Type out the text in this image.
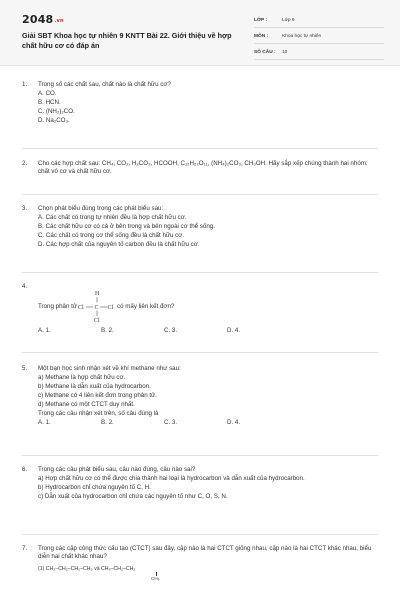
2048.vn
Giải SBT Khoa học tự nhiên 9 KNTT Bài 22. Giới thiệu về hợp chất hữu cơ có đáp án
LỚP :	Lớp 9
MÔN :	Khoa học tự nhiên
SỐ CÂU :	10
1.	Trong số các chất sau, chất nào là chất hữu cơ?
A. CO.
B. HCN.
C. (NH₂)₂CO.
D. Na₂CO₃.
2.	Cho các hợp chất sau: CH₄, CO₂, H₂CO₃, HCOOH, C₁₂H₂₂O₁₁, (NH₄)₂CO₃, CH₃OH. Hãy sắp xếp chúng thành hai nhóm: chất vô cơ và chất hữu cơ.
3.	Chọn phát biểu đúng trong các phát biểu sau:
A. Các chất có trong tự nhiên đều là hợp chất hữu cơ.
B. Các chất hữu cơ có cả ở bên trong và bên ngoài cơ thể sống.
C. Các chất có trong cơ thể sống đều là chất hữu cơ.
D. Các hợp chất của nguyên tố carbon đều là chất hữu cơ.
4.
Trong phân tử
H
Cl C Cl
Cl
có mấy liên kết đơn?
A. 1.	B. 2.	C. 3.	D. 4.
5.	Một bạn học sinh nhận xét về khí methane như sau:
a) Methane là hợp chất hữu cơ.
b) Methane là dẫn xuất của hydrocarbon.
c) Methane có 4 liên kết đơn trong phân tử.
d) Methane có một CTCT duy nhất.
Trong các câu nhận xét trên, số câu đúng là
A. 1.	B. 2.	C. 3.	D. 4.
6.	Trong các câu phát biểu sau, câu nào đúng, câu nào sai?
a) Hợp chất hữu cơ có thể được chia thành hai loại là hydrocarbon và dẫn xuất của hydrocarbon.
b) Hydrocarbon chỉ chứa nguyên tố C, H.
c) Dẫn xuất của hydrocarbon chỉ chứa các nguyên tố như C, O, S, N.
7.	Trong các cặp công thức cấu tạo (CTCT) sau đây, cặp nào là hai CTCT giống nhau, cặp nào là hai CTCT khác nhau, biểu diễn hai chất khác nhau?
(1) CH₃–CH₂–CH₂–CH₃ và CH₃–CH₂–CH₂
CH₃
